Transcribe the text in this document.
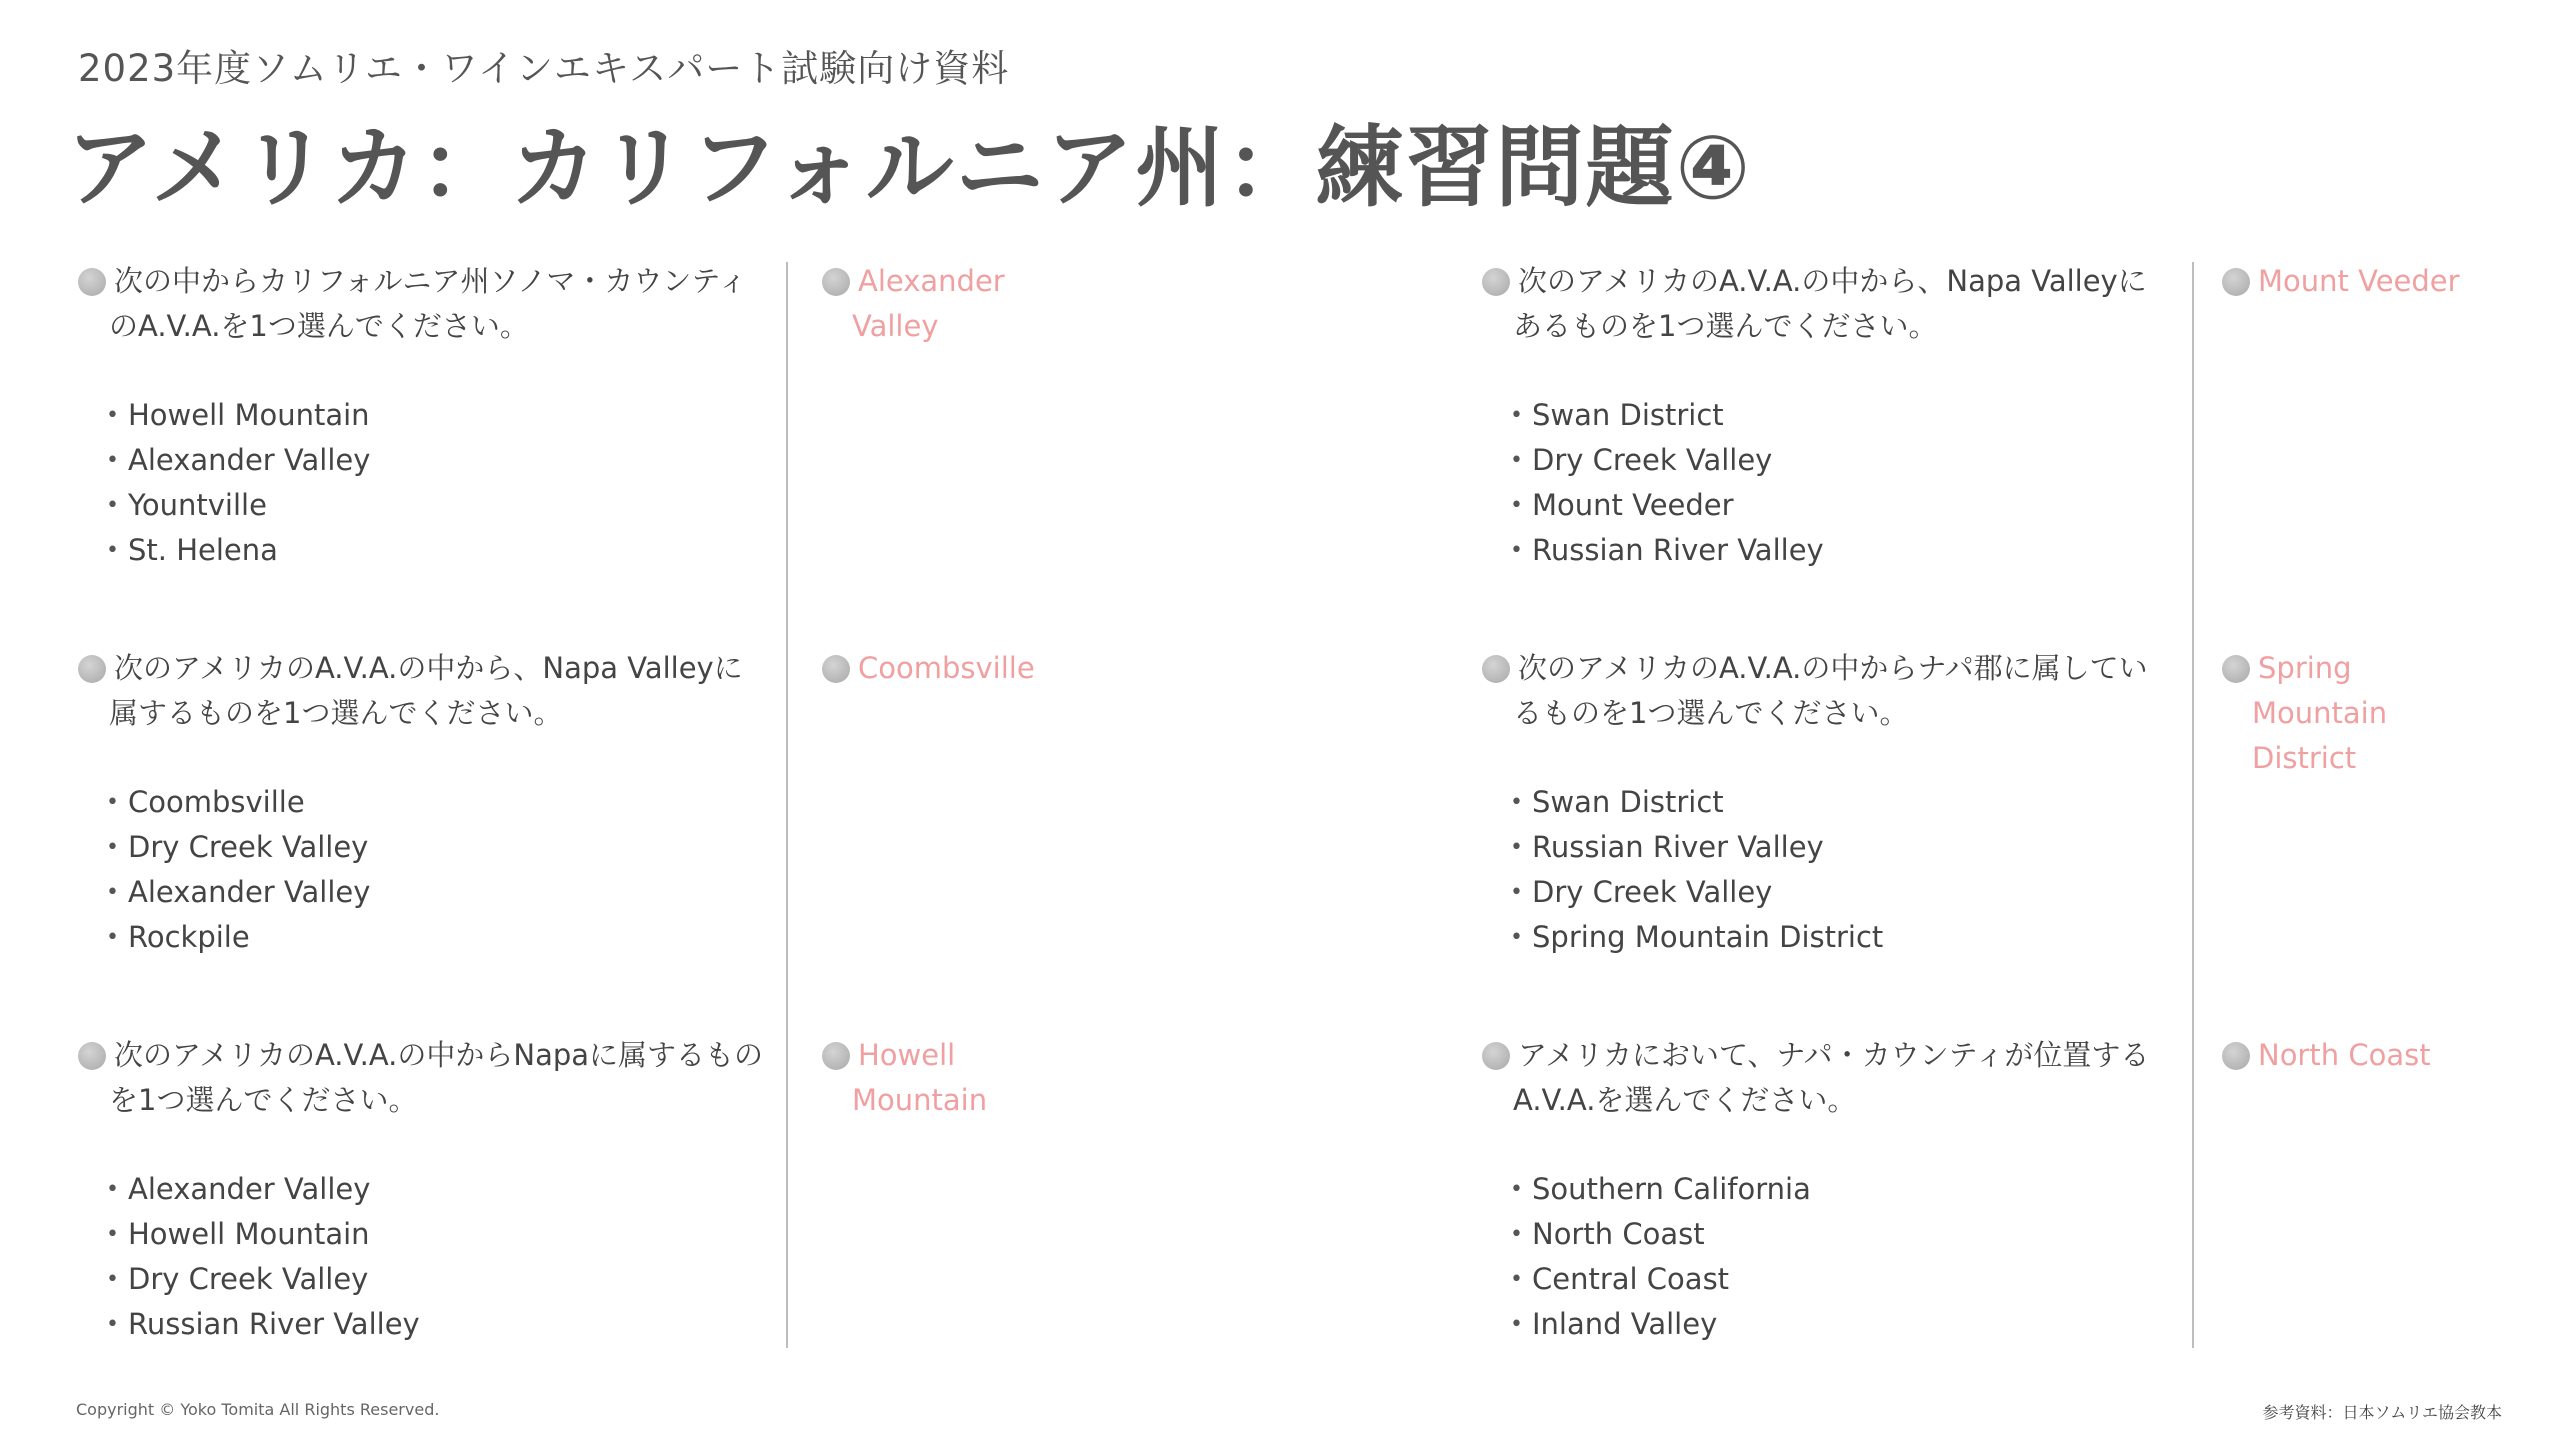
2023年度ソムリエ・ワインエキスパート試験向け資料
アメリカ：カリフォルニア州：練習問題④
次の中からカリフォルニア州ソノマ・カウンティのA.V.A.を1つ選んでください。
• Howell Mountain
• Alexander Valley
• Yountville
• St. Helena
次のアメリカのA.V.A.の中から、Napa Valleyに属するものを1つ選んでください。
• Coombsville
• Dry Creek Valley
• Alexander Valley
• Rockpile
次のアメリカのA.V.A.の中からNapaに属するものを1つ選んでください。
• Alexander Valley
• Howell Mountain
• Dry Creek Valley
• Russian River Valley
Alexander Valley
Coombsville
Howell Mountain
次のアメリカのA.V.A.の中から、Napa Valleyにあるものを1つ選んでください。
• Swan District
• Dry Creek Valley
• Mount Veeder
• Russian River Valley
次のアメリカのA.V.A.の中からナパ郡に属しているものを1つ選んでください。
• Swan District
• Russian River Valley
• Dry Creek Valley
• Spring Mountain District
アメリカにおいて、ナパ・カウンティが位置するA.V.A.を選んでください。
• Southern California
• North Coast
• Central Coast
• Inland Valley
Mount Veeder
Spring Mountain District
North Coast
Copyright © Yoko Tomita All Rights Reserved.	参考資料：日本ソムリエ協会教本
